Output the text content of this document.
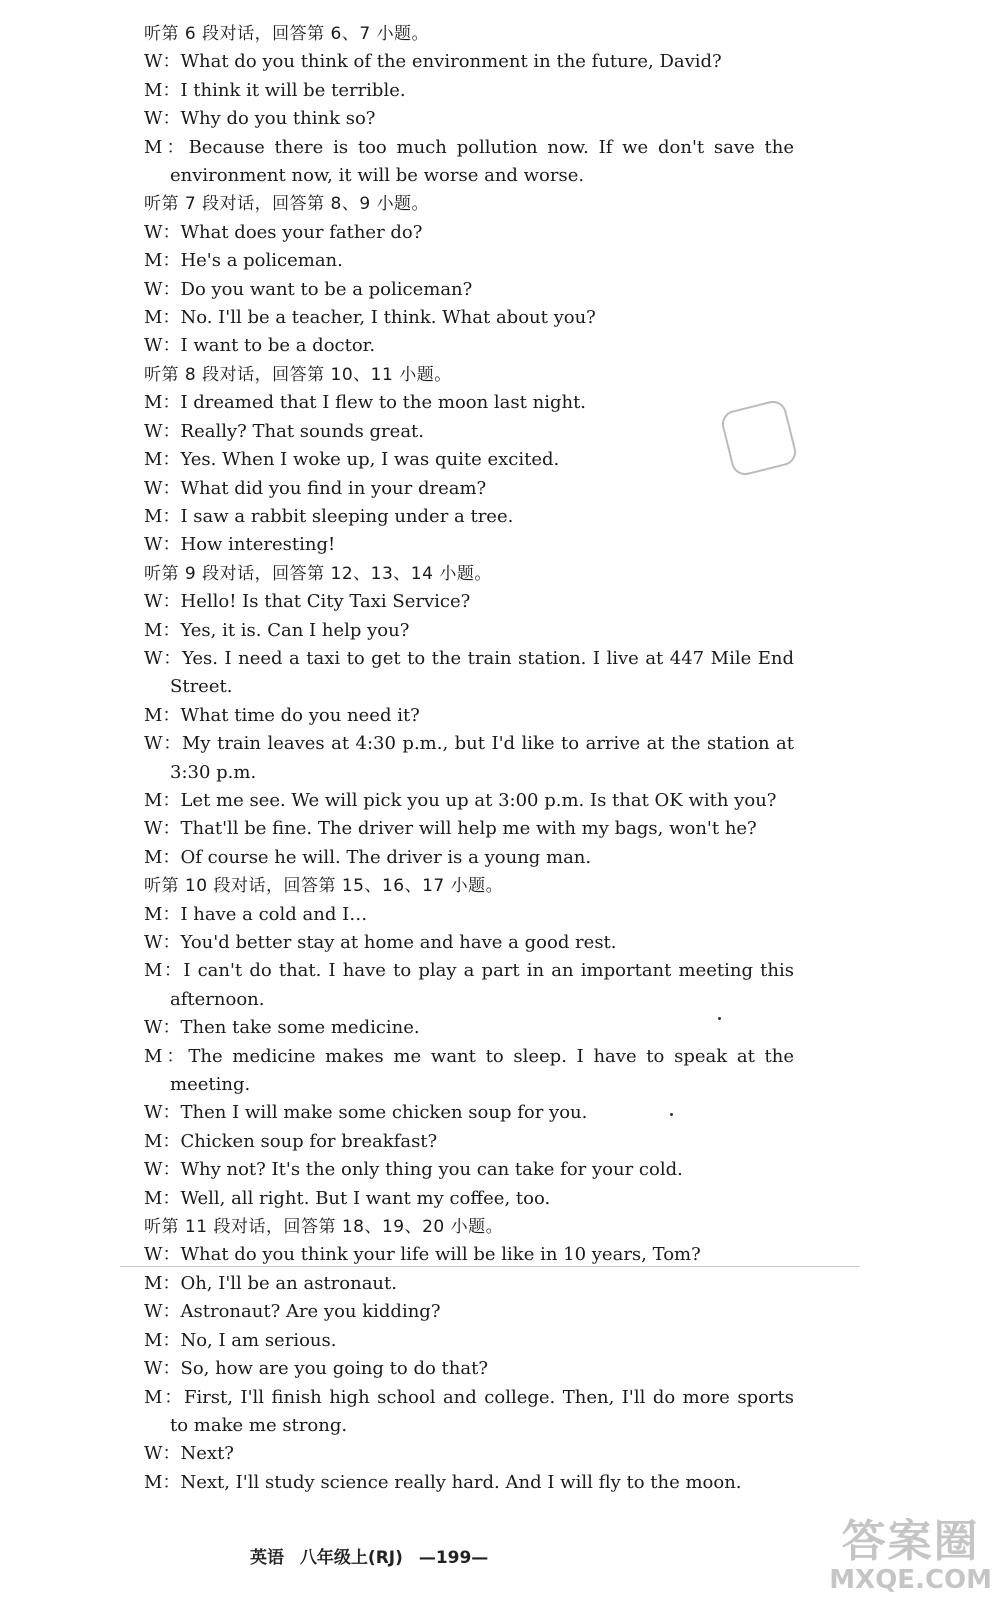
听第 6 段对话，回答第 6、7 小题。
W：What do you think of the environment in the future, David?
M：I think it will be terrible.
W：Why do you think so?
M：Because there is too much pollution now. If we don't save the environment now, it will be worse and worse.
听第 7 段对话，回答第 8、9 小题。
W：What does your father do?
M：He's a policeman.
W：Do you want to be a policeman?
M：No. I'll be a teacher, I think. What about you?
W：I want to be a doctor.
听第 8 段对话，回答第 10、11 小题。
M：I dreamed that I flew to the moon last night.
W：Really? That sounds great.
M：Yes. When I woke up, I was quite excited.
W：What did you find in your dream?
M：I saw a rabbit sleeping under a tree.
W：How interesting!
听第 9 段对话，回答第 12、13、14 小题。
W：Hello! Is that City Taxi Service?
M：Yes, it is. Can I help you?
W：Yes. I need a taxi to get to the train station. I live at 447 Mile End Street.
M：What time do you need it?
W：My train leaves at 4:30 p.m., but I'd like to arrive at the station at 3:30 p.m.
M：Let me see. We will pick you up at 3:00 p.m. Is that OK with you?
W：That'll be fine. The driver will help me with my bags, won't he?
M：Of course he will. The driver is a young man.
听第 10 段对话，回答第 15、16、17 小题。
M：I have a cold and I…
W：You'd better stay at home and have a good rest.
M：I can't do that. I have to play a part in an important meeting this afternoon.
W：Then take some medicine.
M：The medicine makes me want to sleep. I have to speak at the meeting.
W：Then I will make some chicken soup for you.
M：Chicken soup for breakfast?
W：Why not? It's the only thing you can take for your cold.
M：Well, all right. But I want my coffee, too.
听第 11 段对话，回答第 18、19、20 小题。
W：What do you think your life will be like in 10 years, Tom?
M：Oh, I'll be an astronaut.
W：Astronaut? Are you kidding?
M：No, I am serious.
W：So, how are you going to do that?
M：First, I'll finish high school and college. Then, I'll do more sports to make me strong.
W：Next?
M：Next, I'll study science really hard. And I will fly to the moon.
英语 八年级上(RJ) —199—	答案圈
MXQE.COM
